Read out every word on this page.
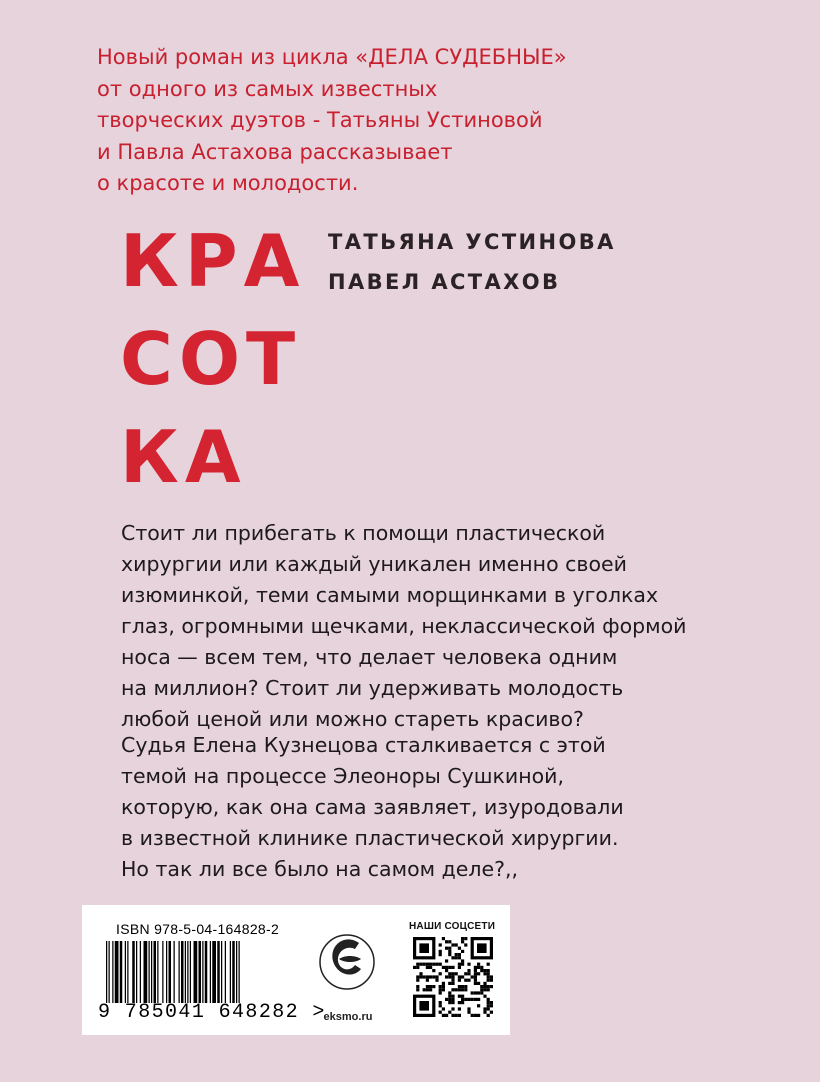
Новый роман из цикла «ДЕЛА СУДЕБНЫЕ»
от одного из самых известных
творческих дуэтов - Татьяны Устиновой
и Павла Астахова рассказывает
о красоте и молодости.
КРА
СОТ
КА
ТАТЬЯНА УСТИНОВА
ПАВЕЛ АСТАХОВ
Стоит ли прибегать к помощи пластической
хирургии или каждый уникален именно своей
изюминкой, теми самыми морщинками в уголках
глаз, огромными щечками, неклассической формой
носа — всем тем, что делает человека одним
на миллион? Стоит ли удерживать молодость
любой ценой или можно стареть красиво?
Судья Елена Кузнецова сталкивается с этой
темой на процессе Элеоноры Сушкиной,
которую, как она сама заявляет, изуродовали
в известной клинике пластической хирургии.
Но так ли все было на самом деле?,,
ISBN 978-5-04-164828-2
9 785041 648282 >
eksmo.ru
НАШИ СОЦСЕТИ
